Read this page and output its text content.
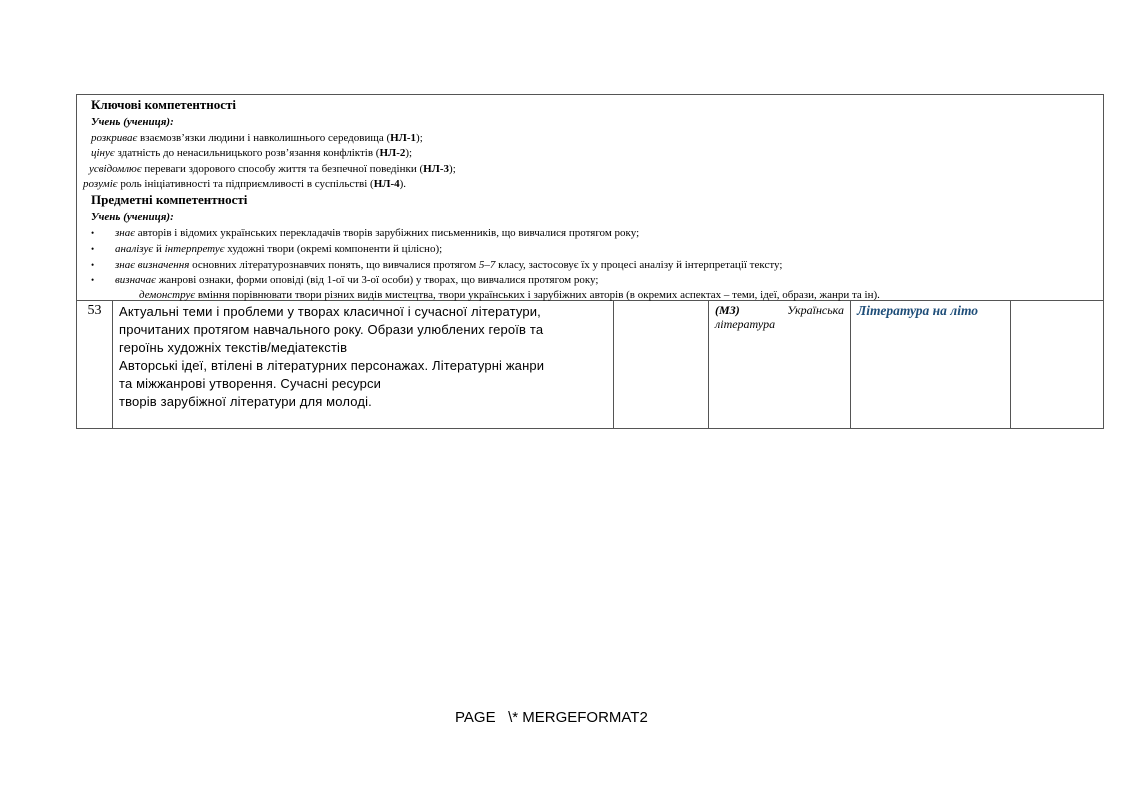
Ключові компетентності
Учень (учениця):
розкриває взаємозв’язки людини і навколишнього середовища (НЛ-1);
цінує здатність до ненасильницького розв’язання конфліктів (НЛ-2);
усвідомлює переваги здорового способу життя та безпечної поведінки (НЛ-3);
розуміє роль ініціативності та підприємливості в суспільстві (НЛ-4).
Предметні компетентності
Учень (учениця):
• знає авторів і відомих українських перекладачів творів зарубіжних письменників, що вивчалися протягом року;
• аналізує й інтерпретує художні твори (окремі компоненти й цілісно);
• знає визначення основних літературознавчих понять, що вивчалися протягом 5–7 класу, застосовує їх у процесі аналізу й інтерпретації тексту;
• визначає жанрові ознаки, форми оповіді (від 1-ої чи 3-ої особи) у творах, що вивчалися протягом року;
демонструє вміння порівнювати твори різних видів мистецтва, твори українських і зарубіжних авторів (в окремих аспектах – теми, ідеї, образи, жанри та ін).
53	Актуальні теми і проблеми у творах класичної і сучасної літератури,
прочитаних протягом навчального року. Образи улюблених героїв та
героїнь художніх текстів/медіатекстів
Авторські ідеї, втілені в літературних персонажах. Літературні жанри
та міжжанрові утворення. Сучасні ресурси
творів зарубіжної літератури для молоді.
(МЗ)	Українська
література
Література на літо
PAGE   \* MERGEFORMAT2
